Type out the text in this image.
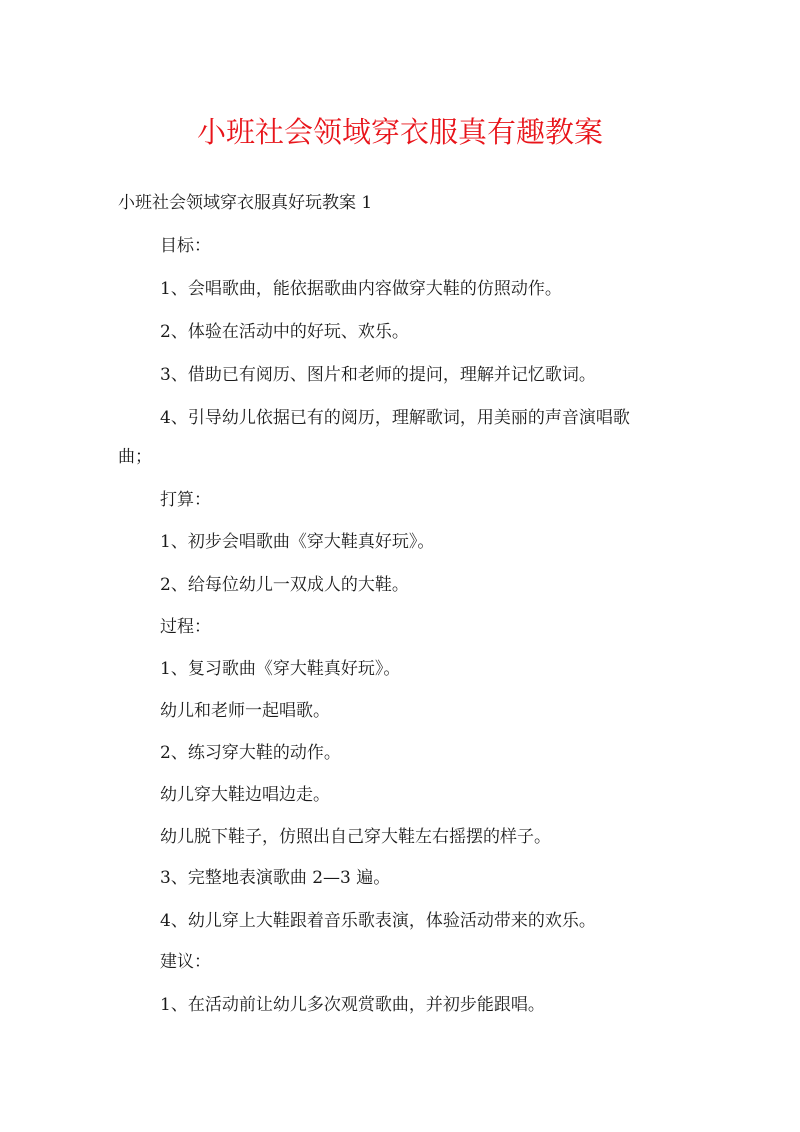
小班社会领域穿衣服真有趣教案

小班社会领域穿衣服真好玩教案 1

目标：

1、会唱歌曲，能依据歌曲内容做穿大鞋的仿照动作。

2、体验在活动中的好玩、欢乐。

3、借助已有阅历、图片和老师的提问，理解并记忆歌词。

4、引导幼儿依据已有的阅历，理解歌词，用美丽的声音演唱歌

曲；

打算：

1、初步会唱歌曲《穿大鞋真好玩》。

2、给每位幼儿一双成人的大鞋。

过程：

1、复习歌曲《穿大鞋真好玩》。

幼儿和老师一起唱歌。

2、练习穿大鞋的动作。

幼儿穿大鞋边唱边走。

幼儿脱下鞋子，仿照出自己穿大鞋左右摇摆的样子。

3、完整地表演歌曲 2—3 遍。

4、幼儿穿上大鞋跟着音乐歌表演，体验活动带来的欢乐。

建议：

1、在活动前让幼儿多次观赏歌曲，并初步能跟唱。
